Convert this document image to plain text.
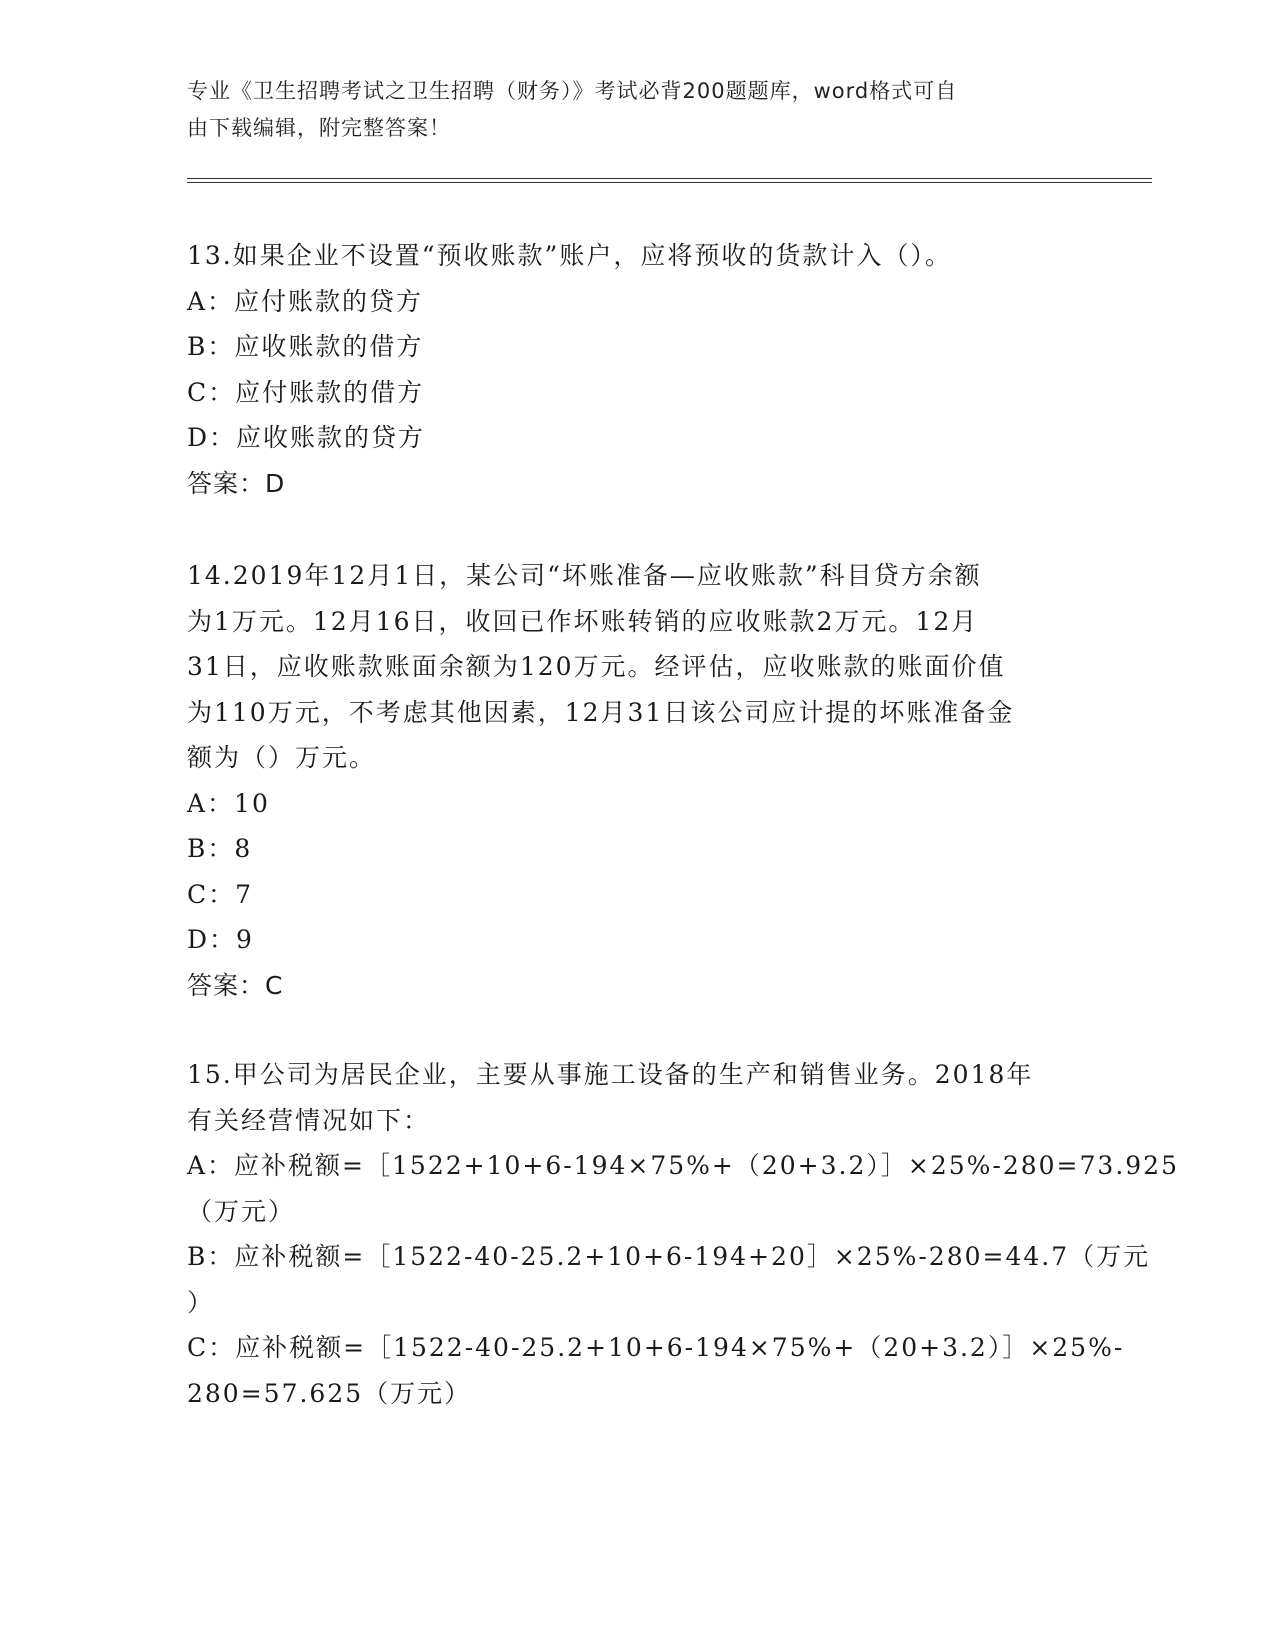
专业《卫生招聘考试之卫生招聘（财务）》考试必背200题题库，word格式可自
由下载编辑，附完整答案！
13.如果企业不设置“预收账款”账户，应将预收的货款计入（）。
A：应付账款的贷方
B：应收账款的借方
C：应付账款的借方
D：应收账款的贷方
答案：D
14.2019年12月1日，某公司“坏账准备—应收账款”科目贷方余额
为1万元。12月16日，收回已作坏账转销的应收账款2万元。12月
31日，应收账款账面余额为120万元。经评估，应收账款的账面价值
为110万元，不考虑其他因素，12月31日该公司应计提的坏账准备金
额为（）万元。
A：10
B：8
C：7
D：9
答案：C
15.甲公司为居民企业，主要从事施工设备的生产和销售业务。2018年
有关经营情况如下：
A：应补税额=［1522+10+6-194×75%+（20+3.2）］×25%-280=73.925
（万元）
B：应补税额=［1522-40-25.2+10+6-194+20］×25%-280=44.7（万元
）
C：应补税额=［1522-40-25.2+10+6-194×75%+（20+3.2）］×25%-
280=57.625（万元）
